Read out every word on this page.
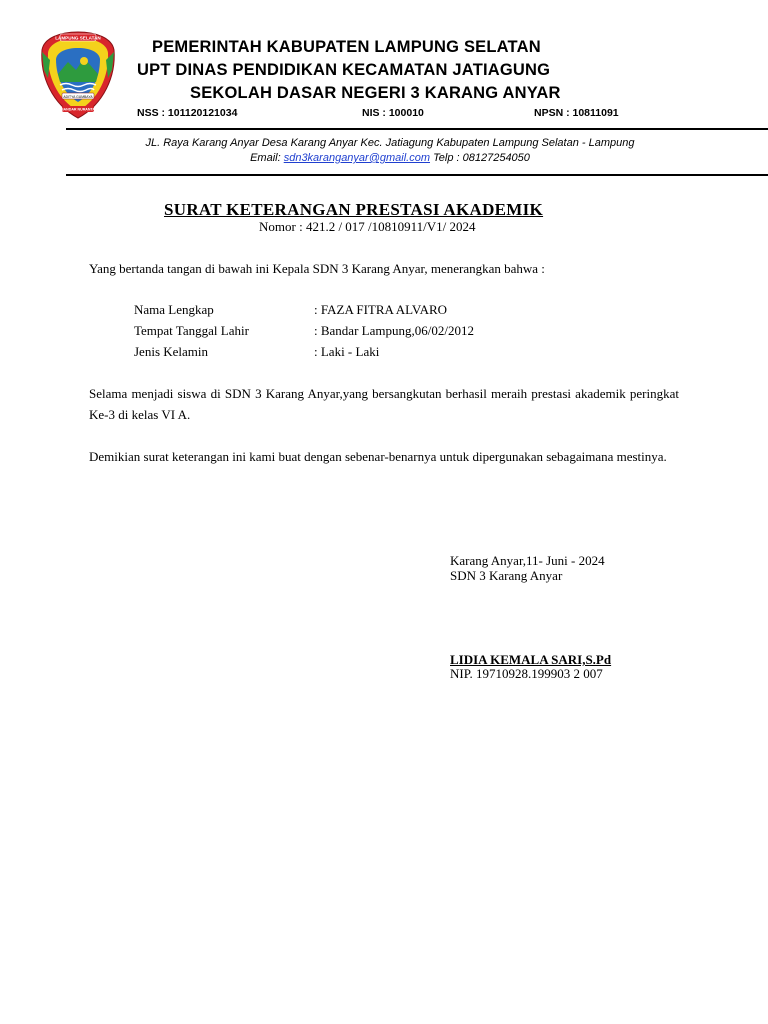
LAMPUNG SELATAN
ADITYA GUMBAYA
BANDAR NURANTA
PEMERINTAH KABUPATEN LAMPUNG SELATAN
UPT DINAS PENDIDIKAN KECAMATAN JATIAGUNG
SEKOLAH DASAR NEGERI 3 KARANG ANYAR
NSS : 101120121034	NIS : 100010	NPSN : 10811091
JL. Raya Karang Anyar Desa Karang Anyar Kec. Jatiagung Kabupaten Lampung Selatan - Lampung
Email: sdn3karanganyar@gmail.com Telp : 08127254050
SURAT KETERANGAN PRESTASI AKADEMIK
Nomor : 421.2 / 017 /10810911/V1/ 2024
Yang bertanda tangan di bawah ini Kepala SDN 3 Karang Anyar, menerangkan bahwa :
Nama Lengkap	: FAZA FITRA ALVARO
Tempat Tanggal Lahir	: Bandar Lampung,06/02/2012
Jenis Kelamin	: Laki - Laki
Selama menjadi siswa di SDN 3 Karang Anyar,yang bersangkutan berhasil meraih prestasi akademik peringkat Ke-3 di kelas VI A.
Demikian surat keterangan ini kami buat dengan sebenar-benarnya untuk dipergunakan sebagaimana mestinya.
Karang Anyar,11- Juni - 2024
SDN 3 Karang Anyar
LIDIA KEMALA SARI,S.Pd
NIP. 19710928.199903 2 007
